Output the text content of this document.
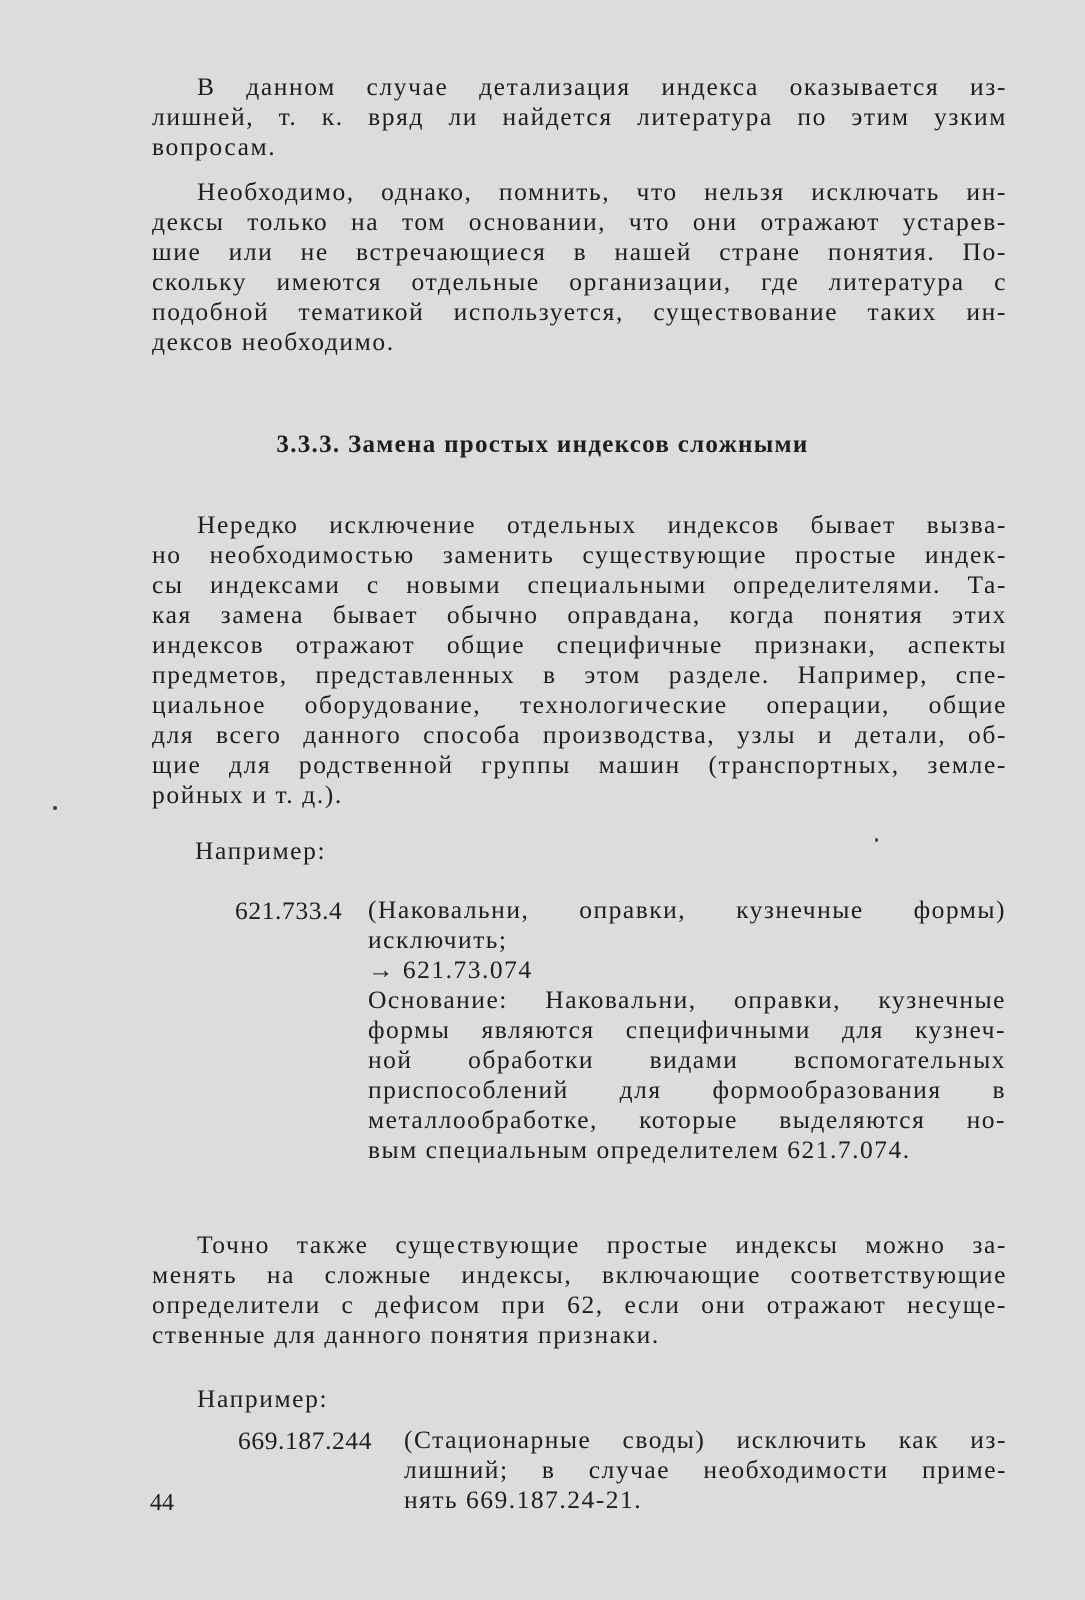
В данном случае детализация индекса оказывается из-
лишней, т. к. вряд ли найдется литература по этим узким
вопросам.
Необходимо, однако, помнить, что нельзя исключать ин-
дексы только на том основании, что они отражают устарев-
шие или не встречающиеся в нашей стране понятия. По-
скольку имеются отдельные организации, где литература с
подобной тематикой используется, существование таких ин-
дексов необходимо.
3.3.3. Замена простых индексов сложными
Нередко исключение отдельных индексов бывает вызва-
но необходимостью заменить существующие простые индек-
сы индексами с новыми специальными определителями. Та-
кая замена бывает обычно оправдана, когда понятия этих
индексов отражают общие специфичные признаки, аспекты
предметов, представленных в этом разделе. Например, спе-
циальное оборудование, технологические операции, общие
для всего данного способа производства, узлы и детали, об-
щие для родственной группы машин (транспортных, земле-
ройных и т. д.).
Например:
621.733.4 (Наковальни, оправки, кузнечные формы)
исключить;
→ 621.73.074
Основание: Наковальни, оправки, кузнечные
формы являются специфичными для кузнеч-
ной обработки видами вспомогательных
приспособлений для формообразования в
металлообработке, которые выделяются но-
вым специальным определителем 621.7.074.
Точно также существующие простые индексы можно за-
менять на сложные индексы, включающие соответствующие
определители с дефисом при 62, если они отражают несуще-
ственные для данного понятия признаки.
Например:
669.187.244 (Стационарные своды) исключить как из-
лишний; в случае необходимости приме-
нять 669.187.24-21.
44
